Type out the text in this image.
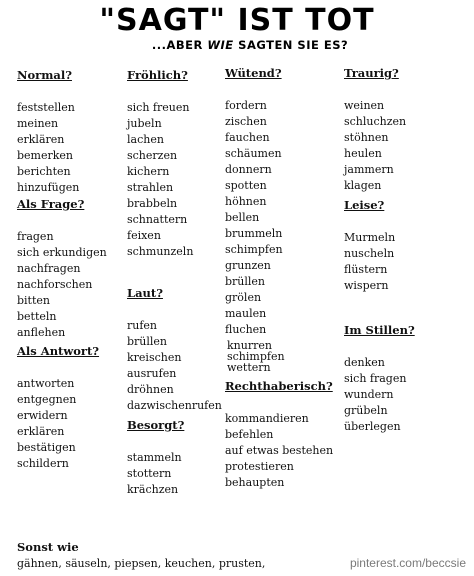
"SAGT" IST TOT
...ABER WIE SAGTEN SIE ES?
Normal?
feststellen
meinen
erklären
bemerken
berichten
hinzufügen
Als Frage?
fragen
sich erkundigen
nachfragen
nachforschen
bitten
betteln
anflehen
Als Antwort?
antworten
entgegnen
erwidern
erklären
bestätigen
schildern
Fröhlich?
sich freuen
jubeln
lachen
scherzen
kichern
strahlen
brabbeln
schnattern
feixen
schmunzeln
Laut?
rufen
brüllen
kreischen
ausrufen
dröhnen
dazwischenrufen
Besorgt?
stammeln
stottern
krächzen
Wütend?
fordern
zischen
fauchen
schäumen
donnern
spotten
höhnen
bellen
brummeln
schimpfen
grunzen
brüllen
grölen
maulen
fluchen
knurren
schimpfen
wettern
Rechthaberisch?
kommandieren
befehlen
auf etwas bestehen
protestieren
behaupten
Traurig?
weinen
schluchzen
stöhnen
heulen
jammern
klagen
Leise?
Murmeln
nuscheln
flüstern
wispern
Im Stillen?
denken
sich fragen
wundern
grübeln
überlegen
Sonst wie
gähnen, säuseln, piepsen, keuchen, prusten,	pinterest.com/beccsie
